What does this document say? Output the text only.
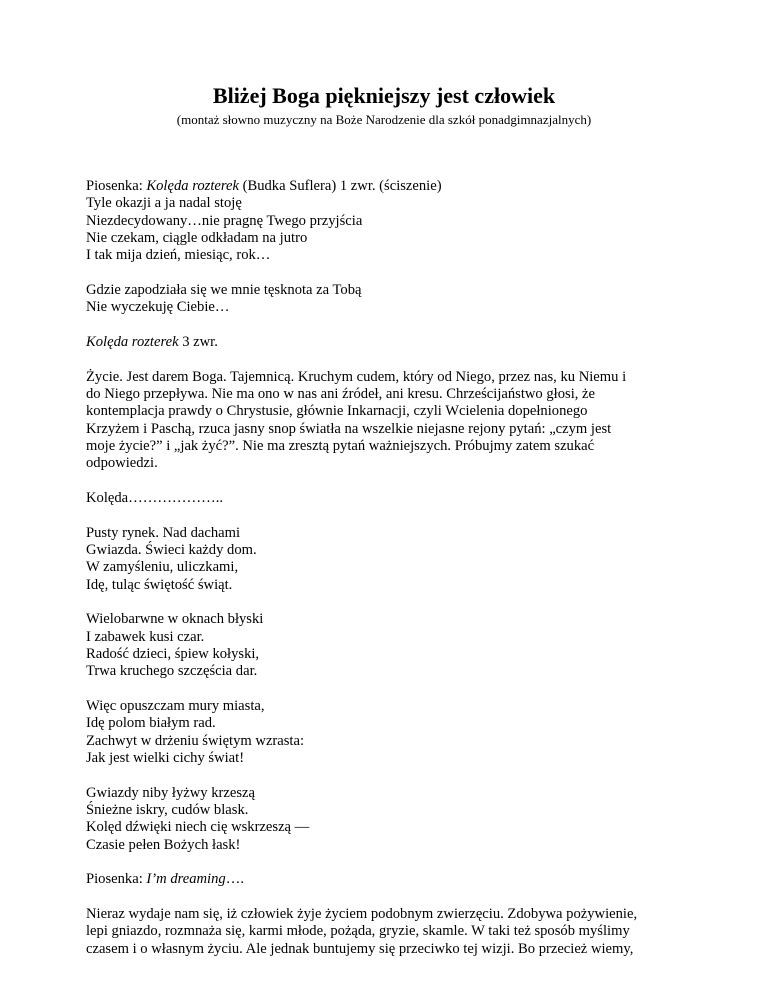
Bliżej Boga piękniejszy jest człowiek

(montaż słowno muzyczny na Boże Narodzenie dla szkół ponadgimnazjalnych)

Piosenka: Kolęda rozterek (Budka Suflera) 1 zwr. (ściszenie)
Tyle okazji a ja nadal stoję
Niezdecydowany…nie pragnę Twego przyjścia
Nie czekam, ciągle odkładam na jutro
I tak mija dzień, miesiąc, rok…
Gdzie zapodziała się we mnie tęsknota za Tobą
Nie wyczekuję Ciebie…
Kolęda rozterek 3 zwr.
Życie. Jest darem Boga. Tajemnicą. Kruchym cudem, który od Niego, przez nas, ku Niemu i
do Niego przepływa. Nie ma ono w nas ani źródeł, ani kresu. Chrześcijaństwo głosi, że
kontemplacja prawdy o Chrystusie, głównie Inkarnacji, czyli Wcielenia dopełnionego
Krzyżem i Paschą, rzuca jasny snop światła na wszelkie niejasne rejony pytań: „czym jest
moje życie?” i „jak żyć?”. Nie ma zresztą pytań ważniejszych. Próbujmy zatem szukać
odpowiedzi.
Kolęda………………..
Pusty rynek. Nad dachami
Gwiazda. Świeci każdy dom.
W zamyśleniu, uliczkami,
Idę, tuląc świętość świąt.
Wielobarwne w oknach błyski
I zabawek kusi czar.
Radość dzieci, śpiew kołyski,
Trwa kruchego szczęścia dar.
Więc opuszczam mury miasta,
Idę polom białym rad.
Zachwyt w drżeniu świętym wzrasta:
Jak jest wielki cichy świat!
Gwiazdy niby łyżwy krzeszą
Śnieżne iskry, cudów blask.
Kolęd dźwięki niech cię wskrzeszą —
Czasie pełen Bożych łask!
Piosenka: I’m dreaming….
Nieraz wydaje nam się, iż człowiek żyje życiem podobnym zwierzęciu. Zdobywa pożywienie,
lepi gniazdo, rozmnaża się, karmi młode, pożąda, gryzie, skamle. W taki też sposób myślimy
czasem i o własnym życiu. Ale jednak buntujemy się przeciwko tej wizji. Bo przecież wiemy,
